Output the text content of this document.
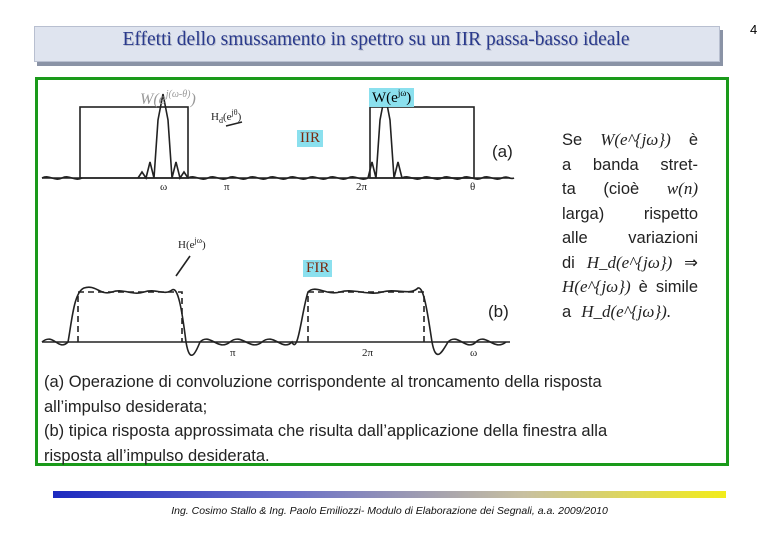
Effetti dello smussamento in spettro su un IIR passa-basso ideale	4
$W(e^{j(\omega-\theta)})$
$H_d(e^{j\theta})$
ω	π	2π	θ
$H(e^{j\omega})$
π	2π	ω
$W(e^{j\omega})$
IIR
FIR
(a)
(b)
Se W(e^{jω}) è
a banda stret-
ta (cioè w(n)
larga) rispetto
alle variazioni
di H_d(e^{jω}) ⇒
H(e^{jω}) è simile
a H_d(e^{jω}).
(a) Operazione di convoluzione corrispondente al troncamento della risposta
all’impulso desiderata;
(b) tipica risposta approssimata che risulta dall’applicazione della finestra alla
risposta all’impulso desiderata.
Ing. Cosimo Stallo & Ing. Paolo Emiliozzi- Modulo di Elaborazione dei Segnali, a.a. 2009/2010
